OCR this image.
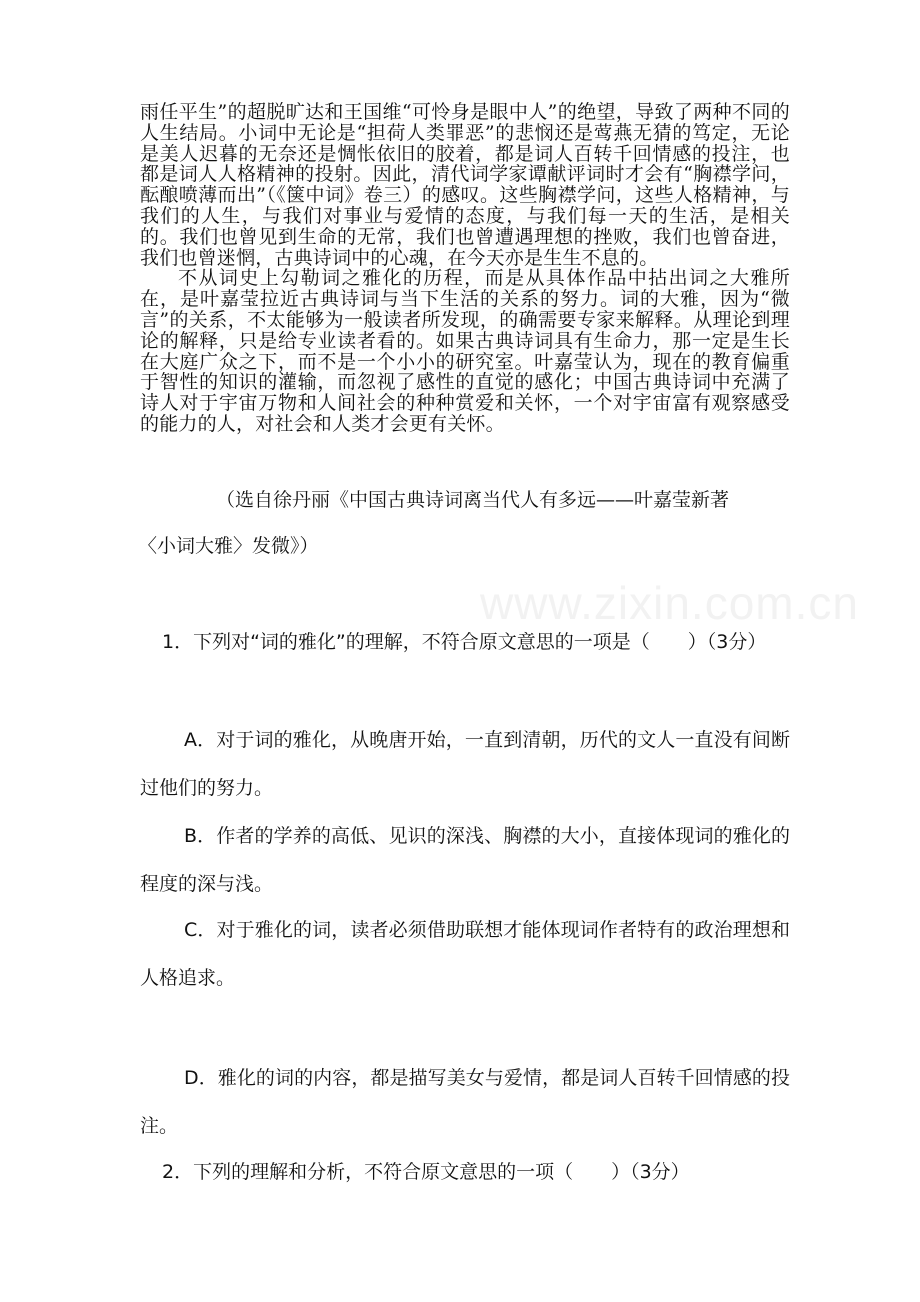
雨任平生”的超脱旷达和王国维“可怜身是眼中人”的绝望，导致了两种不同的人生结局。小词中无论是“担荷人类罪恶”的悲悯还是莺燕无猜的笃定，无论是美人迟暮的无奈还是惆怅依旧的胶着，都是词人百转千回情感的投注，也都是词人人格精神的投射。因此，清代词学家谭献评词时才会有“胸襟学问，酝酿喷薄而出”（《箧中词》卷三）的感叹。这些胸襟学问，这些人格精神，与我们的人生，与我们对事业与爱情的态度，与我们每一天的生活，是相关的。我们也曾见到生命的无常，我们也曾遭遇理想的挫败，我们也曾奋进，我们也曾迷惘，古典诗词中的心魂，在今天亦是生生不息的。

不从词史上勾勒词之雅化的历程，而是从具体作品中拈出词之大雅所在，是叶嘉莹拉近古典诗词与当下生活的关系的努力。词的大雅，因为“微言”的关系，不太能够为一般读者所发现，的确需要专家来解释。从理论到理论的解释，只是给专业读者看的。如果古典诗词具有生命力，那一定是生长在大庭广众之下，而不是一个小小的研究室。叶嘉莹认为，现在的教育偏重于智性的知识的灌输，而忽视了感性的直觉的感化；中国古典诗词中充满了诗人对于宇宙万物和人间社会的种种赏爱和关怀，一个对宇宙富有观察感受的能力的人，对社会和人类才会更有关怀。

（选自徐丹丽《中国古典诗词离当代人有多远——叶嘉莹新著
〈小词大雅〉发微》）
www.zixin.com.cn

1．下列对“词的雅化”的理解，不符合原文意思的一项是（　　）（3分）

A．对于词的雅化，从晚唐开始，一直到清朝，历代的文人一直没有间断过他们的努力。

B．作者的学养的高低、见识的深浅、胸襟的大小，直接体现词的雅化的程度的深与浅。

C．对于雅化的词，读者必须借助联想才能体现词作者特有的政治理想和人格追求。

D．雅化的词的内容，都是描写美女与爱情，都是词人百转千回情感的投注。

2．下列的理解和分析，不符合原文意思的一项（　　）（3分）
